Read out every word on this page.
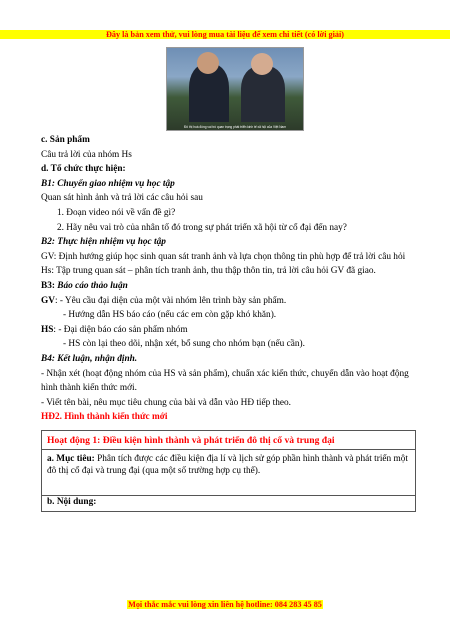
Đây là bản xem thử, vui lòng mua tài liệu để xem chi tiết (có lời giải)
Đô thị hoá đóng vai trò quan trọng phát triển kinh tế xã hội của Việt Nam

c. Sản phẩm

Câu trả lời của nhóm Hs

d. Tổ chức thực hiện:

B1: Chuyển giao nhiệm vụ học tập

Quan sát hình ảnh và trả lời các câu hỏi sau

1. Đoạn video nói về vấn đề gì?

2. Hãy nêu vai trò của nhân tố đó trong sự phát triển xã hội từ cổ đại đến nay?

B2: Thực hiện nhiệm vụ học tập

GV: Định hướng giúp học sinh quan sát tranh ảnh và lựa chọn thông tin phù hợp để trả lời câu hỏi

Hs: Tập trung quan sát – phân tích tranh ảnh, thu thập thôn tin, trả lời câu hỏi GV đã giao.

B3: Báo cáo thảo luận

GV: - Yêu cầu đại diện của một vài nhóm lên trình bày sản phẩm.

- Hướng dẫn HS báo cáo (nếu các em còn gặp khó khăn).

HS: - Đại diện báo cáo sản phẩm nhóm

- HS còn lại theo dõi, nhận xét, bổ sung cho nhóm bạn (nếu cần).

B4: Kết luận, nhận định.

- Nhận xét (hoạt động nhóm của HS và sản phẩm), chuẩn xác kiến thức, chuyển dẫn vào hoạt động hình thành kiến thức mới.

- Viết tên bài, nêu mục tiêu chung của bài và dẫn vào HĐ tiếp theo.

HĐ2. Hình thành kiến thức mới

Hoạt động 1: Điều kiện hình thành và phát triển đô thị cổ và trung đại
a. Mục tiêu: Phân tích được các điều kiện địa lí và lịch sử góp phần hình thành và phát triển một đô thị cổ đại và trung đại (qua một số trường hợp cụ thể).
b. Nội dung:
Mọi thắc mắc vui lòng xin liên hệ hotline: 084 283 45 85
